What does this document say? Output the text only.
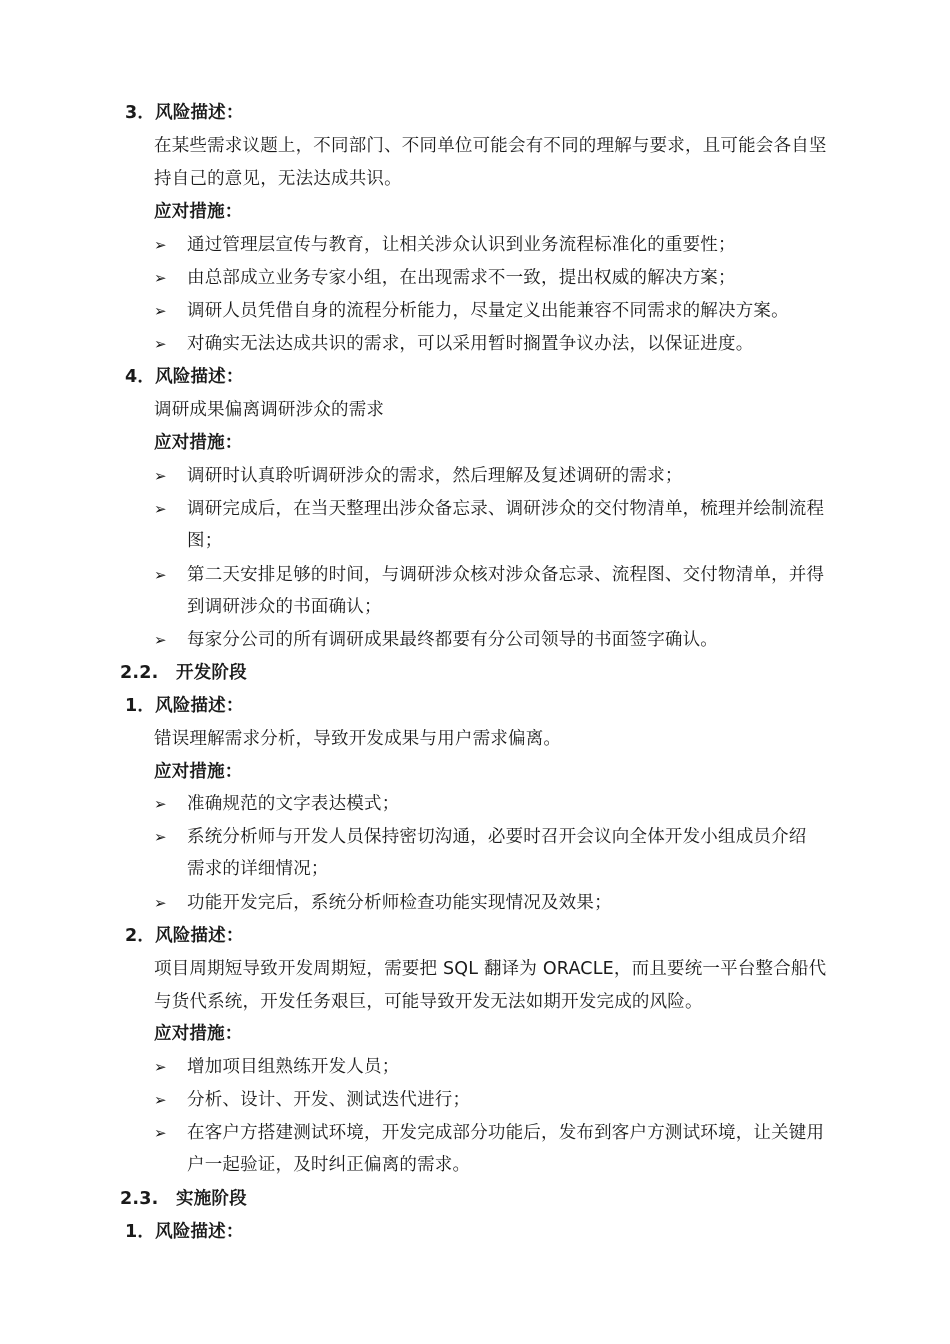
3．风险描述：
在某些需求议题上，不同部门、不同单位可能会有不同的理解与要求，且可能会各自坚
持自己的意见，无法达成共识。
应对措施：
➢ 通过管理层宣传与教育，让相关涉众认识到业务流程标准化的重要性；
➢ 由总部成立业务专家小组，在出现需求不一致，提出权威的解决方案；
➢ 调研人员凭借自身的流程分析能力，尽量定义出能兼容不同需求的解决方案。
➢ 对确实无法达成共识的需求，可以采用暂时搁置争议办法，以保证进度。
4．风险描述：
调研成果偏离调研涉众的需求
应对措施：
➢ 调研时认真聆听调研涉众的需求，然后理解及复述调研的需求；
➢ 调研完成后，在当天整理出涉众备忘录、调研涉众的交付物清单，梳理并绘制流程
图；
➢ 第二天安排足够的时间，与调研涉众核对涉众备忘录、流程图、交付物清单，并得
到调研涉众的书面确认；
➢ 每家分公司的所有调研成果最终都要有分公司领导的书面签字确认。
2.2. 开发阶段
1．风险描述：
错误理解需求分析，导致开发成果与用户需求偏离。
应对措施：
➢ 准确规范的文字表达模式；
➢ 系统分析师与开发人员保持密切沟通，必要时召开会议向全体开发小组成员介绍
需求的详细情况；
➢ 功能开发完后，系统分析师检查功能实现情况及效果；
2．风险描述：
项目周期短导致开发周期短，需要把 SQL 翻译为 ORACLE，而且要统一平台整合船代
与货代系统，开发任务艰巨，可能导致开发无法如期开发完成的风险。
应对措施：
➢ 增加项目组熟练开发人员；
➢ 分析、设计、开发、测试迭代进行；
➢ 在客户方搭建测试环境，开发完成部分功能后，发布到客户方测试环境，让关键用
户一起验证，及时纠正偏离的需求。
2.3. 实施阶段
1．风险描述：
